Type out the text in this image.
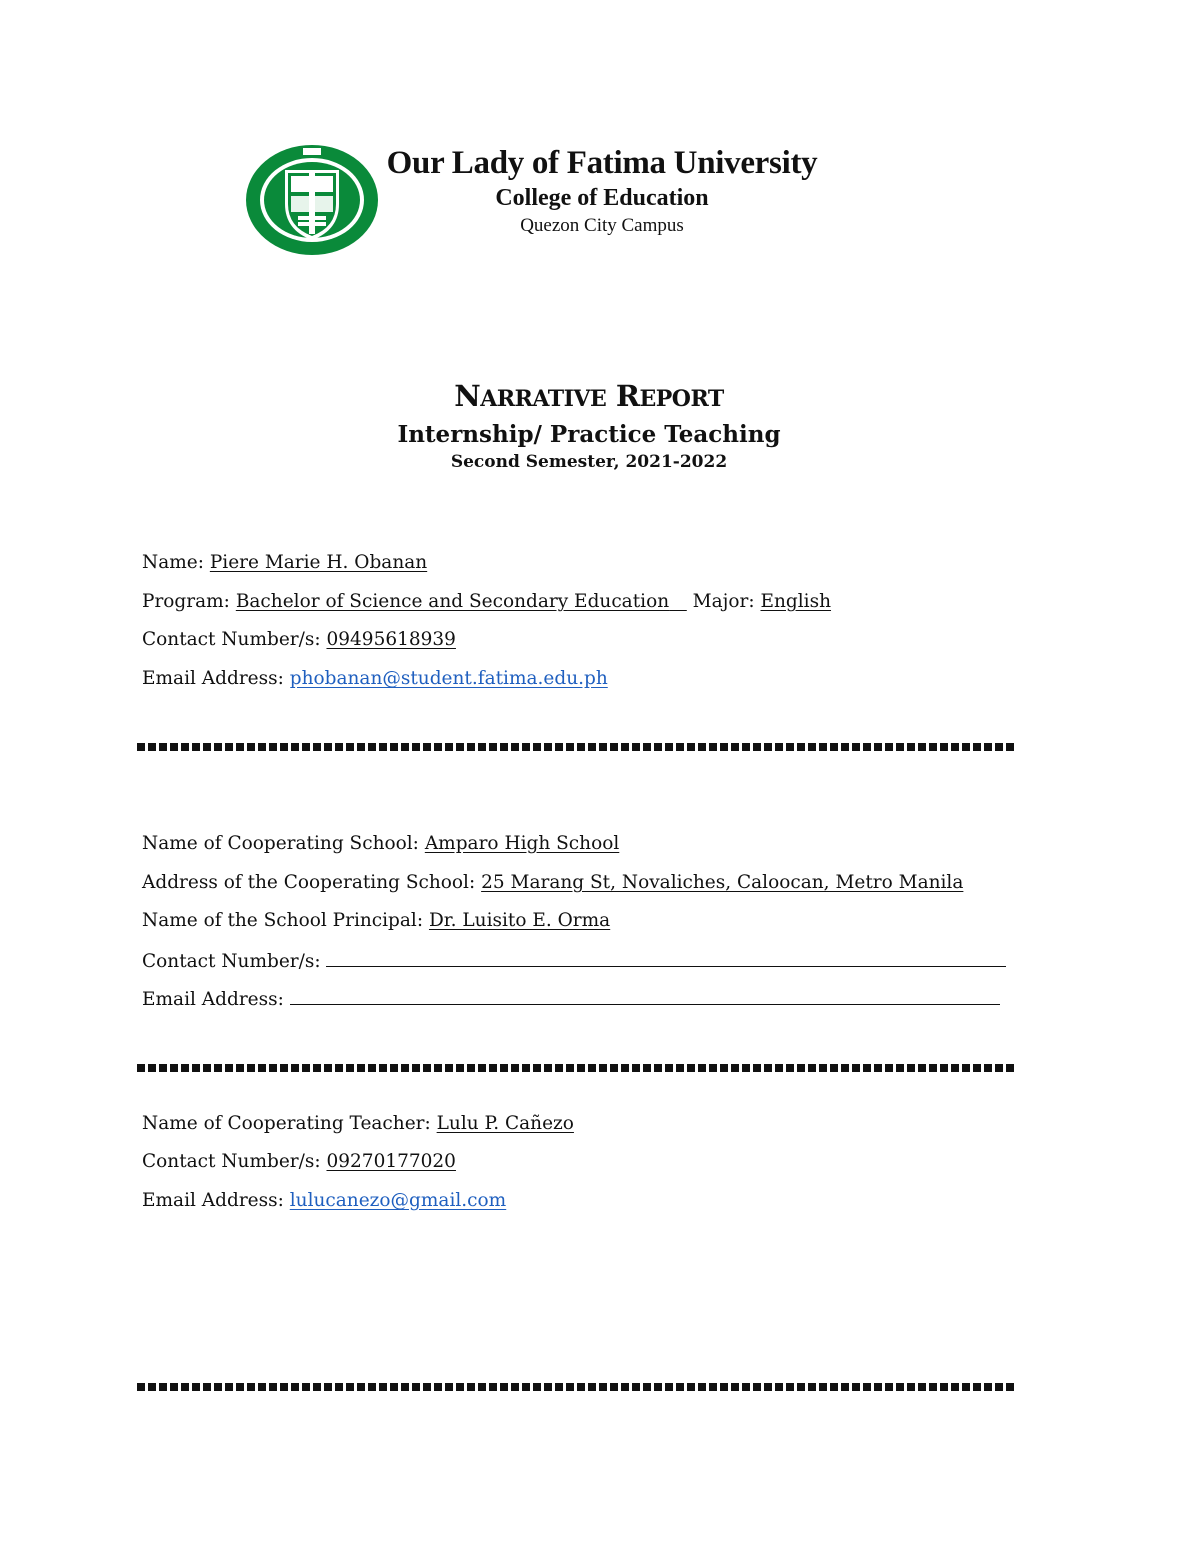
Our Lady of Fatima University
College of Education
Quezon City Campus
NARRATIVE REPORT
Internship/ Practice Teaching
Second Semester, 2021-2022
Name: Piere Marie H. Obanan
Program: Bachelor of Science and Secondary Education Major: English
Contact Number/s: 09495618939
Email Address: phobanan@student.fatima.edu.ph
Name of Cooperating School: Amparo High School
Address of the Cooperating School: 25 Marang St, Novaliches, Caloocan, Metro Manila
Name of the School Principal: Dr. Luisito E. Orma
Contact Number/s:
Email Address:
Name of Cooperating Teacher: Lulu P. Cañezo
Contact Number/s: 09270177020
Email Address: lulucanezo@gmail.com
